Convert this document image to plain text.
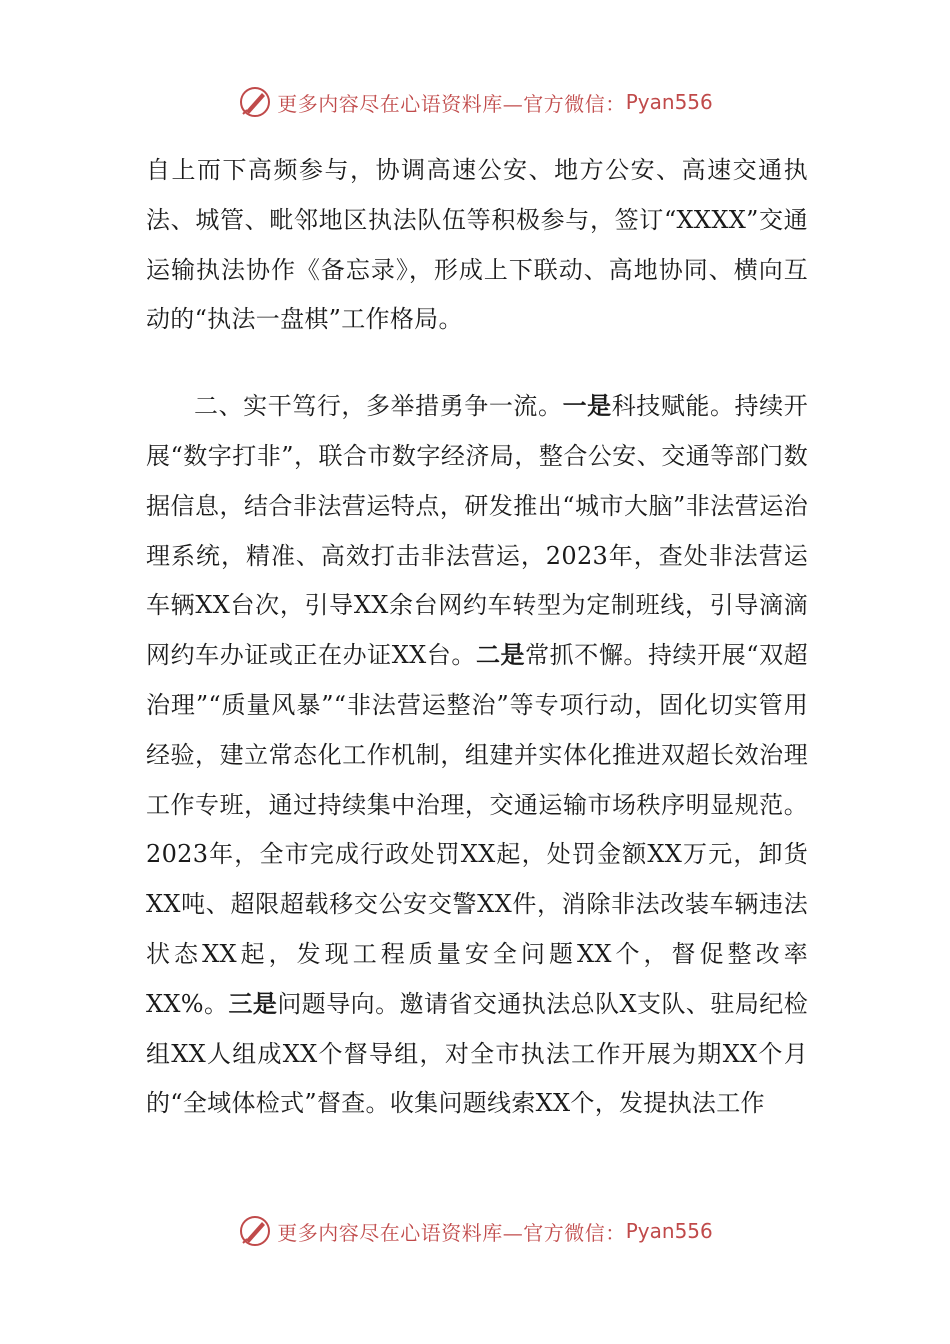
更多内容尽在心语资料库—官方微信： Pyan556

自上而下高频参与，协调高速公安、地方公安、高速交通执法、城管、毗邻地区执法队伍等积极参与，签订“XXXX”交通运输执法协作《备忘录》，形成上下联动、高地协同、横向互动的“执法一盘棋”工作格局。

二、实干笃行，多举措勇争一流。一是科技赋能。持续开展“数字打非”，联合市数字经济局，整合公安、交通等部门数据信息，结合非法营运特点，研发推出“城市大脑”非法营运治理系统，精准、高效打击非法营运，2023年，查处非法营运车辆XX台次，引导XX余台网约车转型为定制班线，引导滴滴网约车办证或正在办证XX台。二是常抓不懈。持续开展“双超治理”“质量风暴”“非法营运整治”等专项行动，固化切实管用经验，建立常态化工作机制，组建并实体化推进双超长效治理工作专班，通过持续集中治理，交通运输市场秩序明显规范。2023年，全市完成行政处罚XX起，处罚金额XX万元，卸货XX吨、超限超载移交公安交警XX件，消除非法改装车辆违法状态XX起，发现工程质量安全问题XX个，督促整改率XX%。三是问题导向。邀请省交通执法总队X支队、驻局纪检组XX人组成XX个督导组，对全市执法工作开展为期XX个月的“全域体检式”督查。收集问题线索XX个，发提执法工作

更多内容尽在心语资料库—官方微信： Pyan556
